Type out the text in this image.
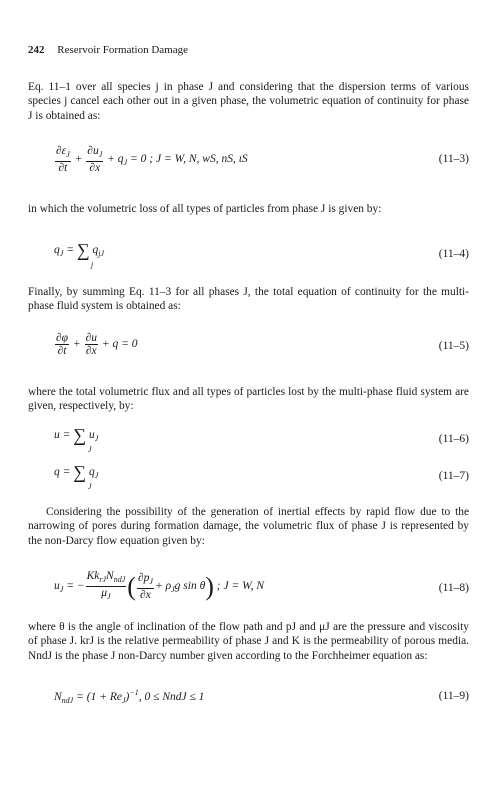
242 Reservoir Formation Damage

Eq. 11–1 over all species j in phase J and considering that the dispersion terms of various species j cancel each other out in a given phase, the volumetric equation of continuity for phase J is obtained as:

$\frac{\partial\varepsilon_J}{\partial t} + \frac{\partial u_J}{\partial x} + q_J = 0$ ; J = W, N, wS, nS, ιS	(11–3)

in which the volumetric loss of all types of particles from phase J is given by:

$q_J$ = ∑ $q_{jJ}$
j
(11–4)

Finally, by summing Eq. 11–3 for all phases J, the total equation of continuity for the multi-phase fluid system is obtained as:

$\frac{\partial\varphi}{\partial t} + \frac{\partial u}{\partial x} + q = 0$	(11–5)

where the total volumetric flux and all types of particles lost by the multi-phase fluid system are given, respectively, by:

u = ∑ $u_J$
J
(11–6)
q = ∑ $q_J$
J
(11–7)

Considering the possibility of the generation of inertial effects by rapid flow due to the narrowing of pores during formation damage, the volumetric flux of phase J is represented by the non-Darcy flow equation given by:

$u_J$ = − $\frac{Kk_{rJ}N_{ndJ}}{\mu_J}$ ( $\frac{\partial p_J}{\partial x} + \rho_Jg$ sin θ) ; J = W, N	(11–8)

where θ is the angle of inclination of the flow path and pJ and μJ are the pressure and viscosity of phase J. krJ is the relative permeability of phase J and K is the permeability of porous media. NndJ is the phase J non-Darcy number given according to the Forchheimer equation as:

$N_{ndJ} = (1 + Re_J)^{-1}$, 0 ≤ NndJ ≤ 1	(11–9)
